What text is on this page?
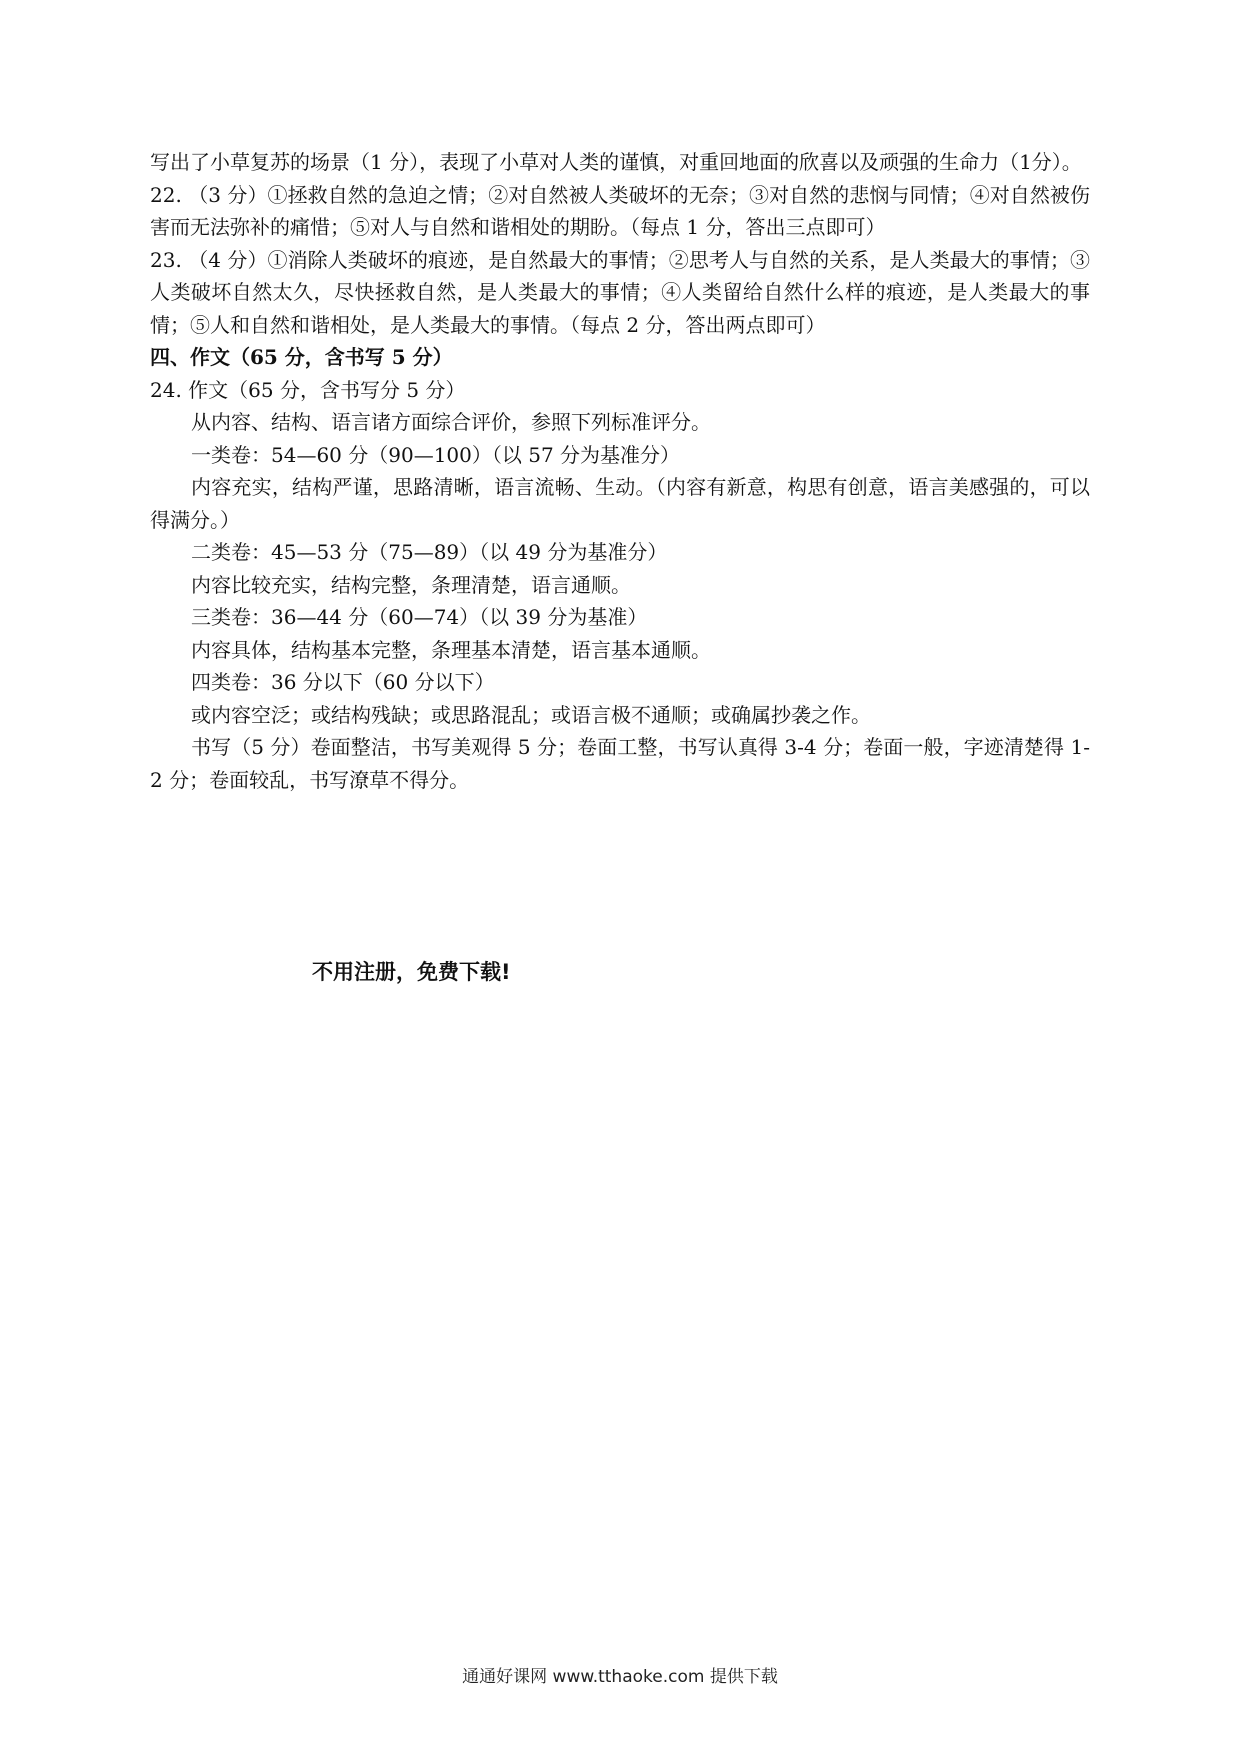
写出了小草复苏的场景（1 分），表现了小草对人类的谨慎，对重回地面的欣喜以及顽强的生命力（1分）。

22. （3 分）①拯救自然的急迫之情；②对自然被人类破坏的无奈；③对自然的悲悯与同情；④对自然被伤害而无法弥补的痛惜；⑤对人与自然和谐相处的期盼。（每点 1 分，答出三点即可）

23. （4 分）①消除人类破坏的痕迹，是自然最大的事情；②思考人与自然的关系，是人类最大的事情；③人类破坏自然太久，尽快拯救自然，是人类最大的事情；④人类留给自然什么样的痕迹，是人类最大的事情；⑤人和自然和谐相处，是人类最大的事情。（每点 2 分，答出两点即可）

四、作文（65 分，含书写 5 分）

24. 作文（65 分，含书写分 5 分）

从内容、结构、语言诸方面综合评价，参照下列标准评分。

一类卷：54—60 分（90—100）（以 57 分为基准分）

内容充实，结构严谨，思路清晰，语言流畅、生动。（内容有新意，构思有创意，语言美感强的，可以得满分。）

二类卷：45—53 分（75—89）（以 49 分为基准分）

内容比较充实，结构完整，条理清楚，语言通顺。

三类卷：36—44 分（60—74）（以 39 分为基准）

内容具体，结构基本完整，条理基本清楚，语言基本通顺。

四类卷：36 分以下（60 分以下）

或内容空泛；或结构残缺；或思路混乱；或语言极不通顺；或确属抄袭之作。

书写（5 分）卷面整洁，书写美观得 5 分；卷面工整，书写认真得 3-4 分；卷面一般，字迹清楚得 1-2 分；卷面较乱，书写潦草不得分。

不用注册，免费下载!
通通好课网 www.tthaoke.com 提供下载
